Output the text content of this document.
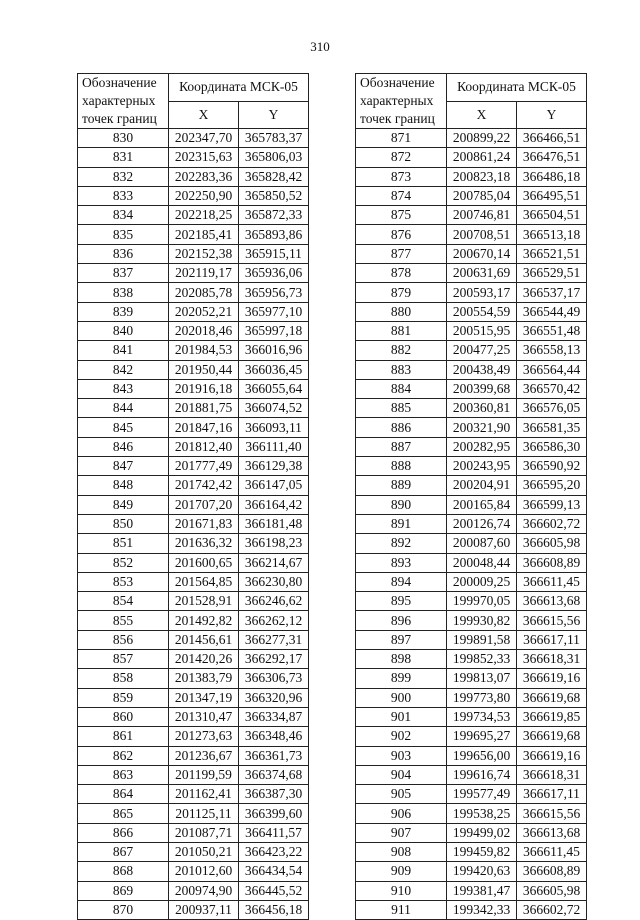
310
Обозначение характерных точек границ	Координата МСК-05	
	X	Y
830	202347,70	365783,37
831	202315,63	365806,03
832	202283,36	365828,42
833	202250,90	365850,52
834	202218,25	365872,33
835	202185,41	365893,86
836	202152,38	365915,11
837	202119,17	365936,06
838	202085,78	365956,73
839	202052,21	365977,10
840	202018,46	365997,18
841	201984,53	366016,96
842	201950,44	366036,45
843	201916,18	366055,64
844	201881,75	366074,52
845	201847,16	366093,11
846	201812,40	366111,40
847	201777,49	366129,38
848	201742,42	366147,05
849	201707,20	366164,42
850	201671,83	366181,48
851	201636,32	366198,23
852	201600,65	366214,67
853	201564,85	366230,80
854	201528,91	366246,62
855	201492,82	366262,12
856	201456,61	366277,31
857	201420,26	366292,17
858	201383,79	366306,73
859	201347,19	366320,96
860	201310,47	366334,87
861	201273,63	366348,46
862	201236,67	366361,73
863	201199,59	366374,68
864	201162,41	366387,30
865	201125,11	366399,60
866	201087,71	366411,57
867	201050,21	366423,22
868	201012,60	366434,54
869	200974,90	366445,52
870	200937,11	366456,18
Обозначение характерных точек границ	Координата МСК-05	
	X	Y
871	200899,22	366466,51
872	200861,24	366476,51
873	200823,18	366486,18
874	200785,04	366495,51
875	200746,81	366504,51
876	200708,51	366513,18
877	200670,14	366521,51
878	200631,69	366529,51
879	200593,17	366537,17
880	200554,59	366544,49
881	200515,95	366551,48
882	200477,25	366558,13
883	200438,49	366564,44
884	200399,68	366570,42
885	200360,81	366576,05
886	200321,90	366581,35
887	200282,95	366586,30
888	200243,95	366590,92
889	200204,91	366595,20
890	200165,84	366599,13
891	200126,74	366602,72
892	200087,60	366605,98
893	200048,44	366608,89
894	200009,25	366611,45
895	199970,05	366613,68
896	199930,82	366615,56
897	199891,58	366617,11
898	199852,33	366618,31
899	199813,07	366619,16
900	199773,80	366619,68
901	199734,53	366619,85
902	199695,27	366619,68
903	199656,00	366619,16
904	199616,74	366618,31
905	199577,49	366617,11
906	199538,25	366615,56
907	199499,02	366613,68
908	199459,82	366611,45
909	199420,63	366608,89
910	199381,47	366605,98
911	199342,33	366602,72
